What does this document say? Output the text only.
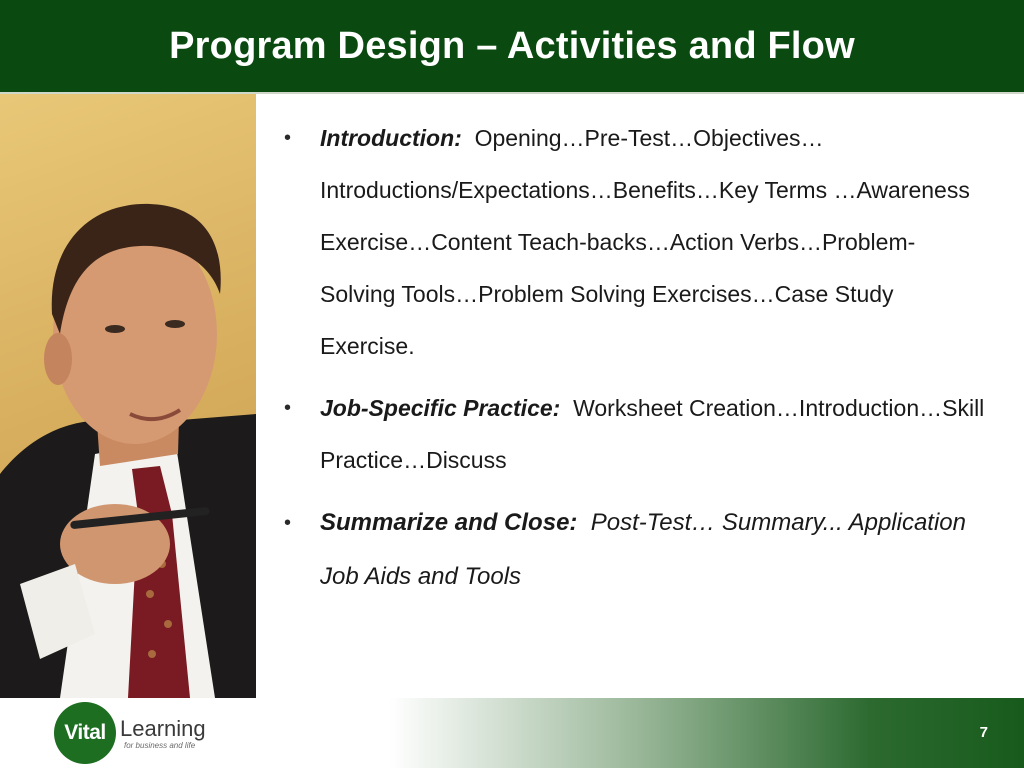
Program Design – Activities and Flow
• Introduction: Opening…Pre-Test…Objectives… Introductions/Expectations…Benefits…Key Terms …Awareness Exercise…Content Teach-backs…Action Verbs…Problem-Solving Tools…Problem Solving Exercises…Case Study Exercise.
• Job-Specific Practice: Worksheet Creation…Introduction…Skill Practice…Discuss
• Summarize and Close: Post-Test… Summary... Application Job Aids and Tools
Vital Learning
for business and life
7
